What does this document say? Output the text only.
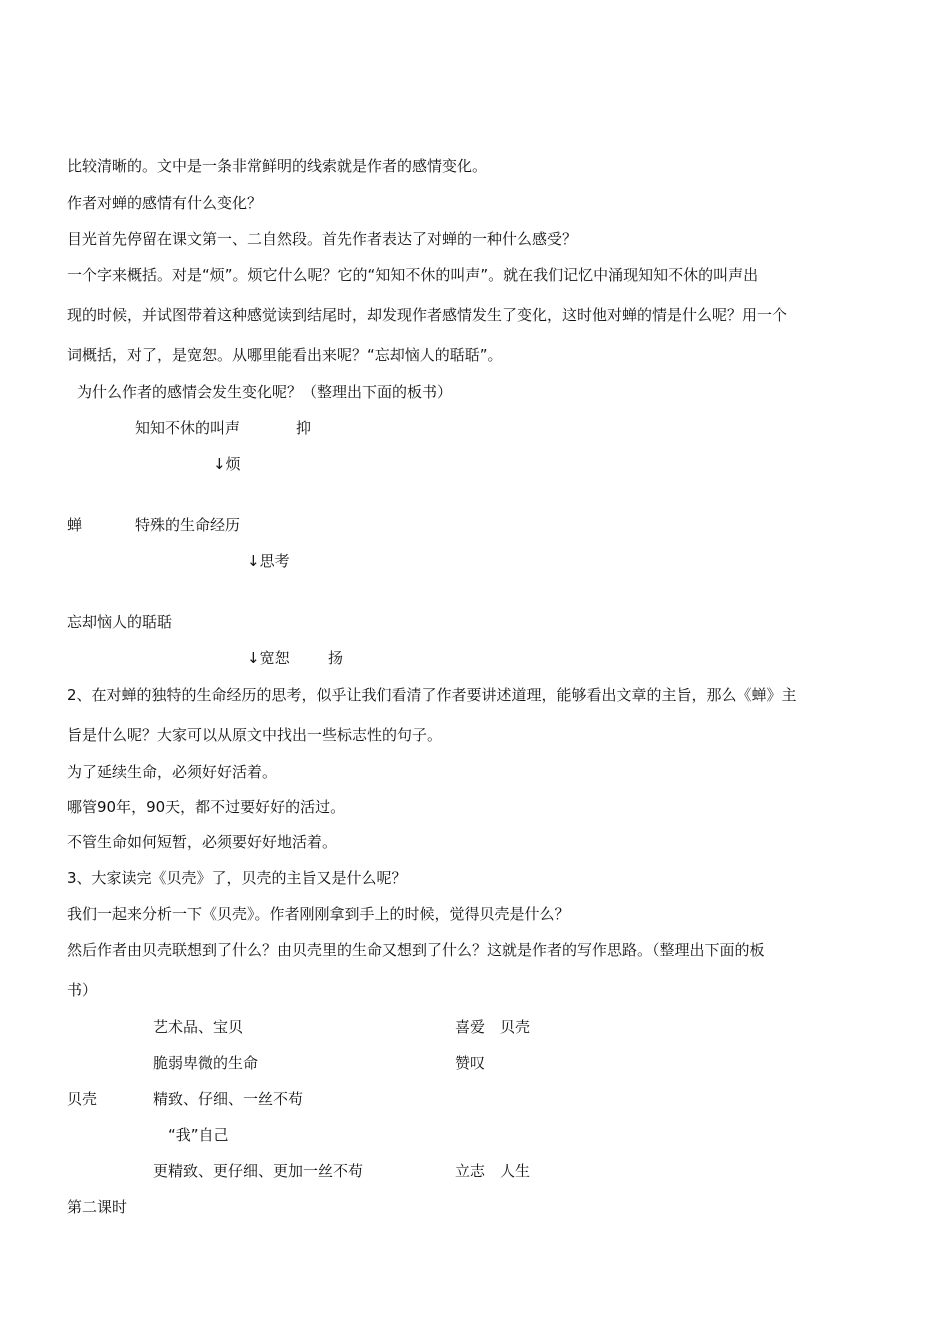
比较清晰的。文中是一条非常鲜明的线索就是作者的感情变化。
作者对蝉的感情有什么变化？
目光首先停留在课文第一、二自然段。首先作者表达了对蝉的一种什么感受？
一个字来概括。对是“烦”。烦它什么呢？它的“知知不休的叫声”。就在我们记忆中涌现知知不休的叫声出
现的时候，并试图带着这种感觉读到结尾时，却发现作者感情发生了变化，这时他对蝉的情是什么呢？用一个
词概括，对了，是宽恕。从哪里能看出来呢？“忘却恼人的聒聒”。
为什么作者的感情会发生变化呢？（整理出下面的板书）
知知不休的叫声	抑
↓烦
蝉	特殊的生命经历
↓思考
忘却恼人的聒聒
↓宽恕	扬
2、在对蝉的独特的生命经历的思考，似乎让我们看清了作者要讲述道理，能够看出文章的主旨，那么《蝉》主
旨是什么呢？大家可以从原文中找出一些标志性的句子。
为了延续生命，必须好好活着。
哪管90年，90天，都不过要好好的活过。
不管生命如何短暂，必须要好好地活着。
3、大家读完《贝壳》了，贝壳的主旨又是什么呢？
我们一起来分析一下《贝壳》。作者刚刚拿到手上的时候，觉得贝壳是什么？
然后作者由贝壳联想到了什么？由贝壳里的生命又想到了什么？这就是作者的写作思路。（整理出下面的板
书）
艺术品、宝贝	喜爱　贝壳
脆弱卑微的生命	赞叹
贝壳	精致、仔细、一丝不苟
“我”自己
更精致、更仔细、更加一丝不苟	立志　人生
第二课时
